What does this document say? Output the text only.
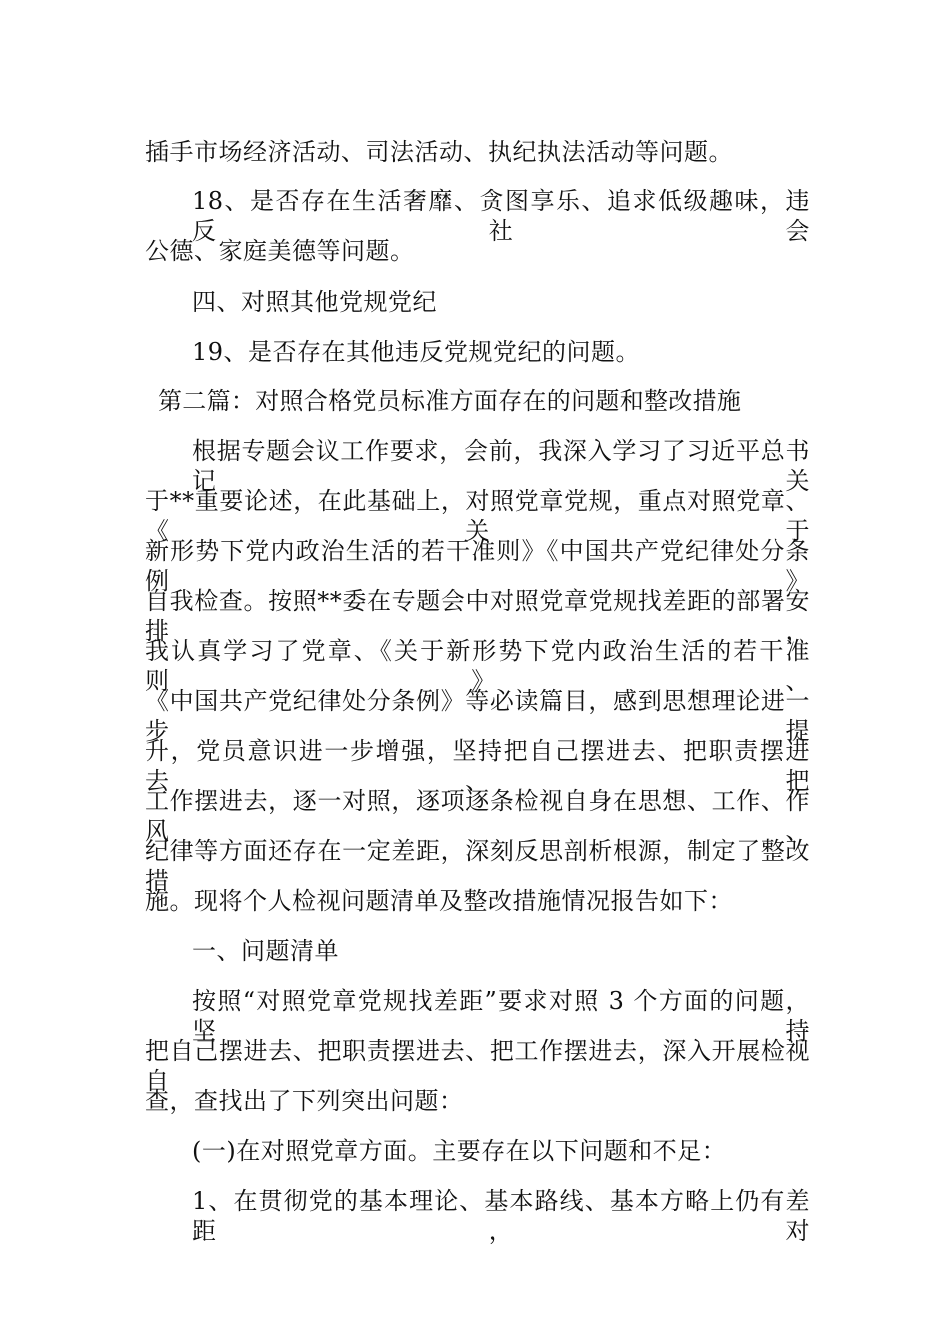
插手市场经济活动、司法活动、执纪执法活动等问题。
18、是否存在生活奢靡、贪图享乐、追求低级趣味，违反社会
公德、家庭美德等问题。
四、对照其他党规党纪
19、是否存在其他违反党规党纪的问题。
第二篇：对照合格党员标准方面存在的问题和整改措施
根据专题会议工作要求，会前，我深入学习了习近平总书记关
于**重要论述，在此基础上，对照党章党规，重点对照党章、《关于
新形势下党内政治生活的若干准则》《中国共产党纪律处分条例》
自我检查。按照**委在专题会中对照党章党规找差距的部署安排，
我认真学习了党章、《关于新形势下党内政治生活的若干准则》、
《中国共产党纪律处分条例》等必读篇目，感到思想理论进一步提
升，党员意识进一步增强，坚持把自己摆进去、把职责摆进去、把
工作摆进去，逐一对照，逐项逐条检视自身在思想、工作、作风、
纪律等方面还存在一定差距，深刻反思剖析根源，制定了整改措
施。现将个人检视问题清单及整改措施情况报告如下：
一、问题清单
按照“对照党章党规找差距”要求对照 3 个方面的问题，坚持
把自己摆进去、把职责摆进去、把工作摆进去，深入开展检视自
查，查找出了下列突出问题：
(一)在对照党章方面。主要存在以下问题和不足：
1、在贯彻党的基本理论、基本路线、基本方略上仍有差距，对
